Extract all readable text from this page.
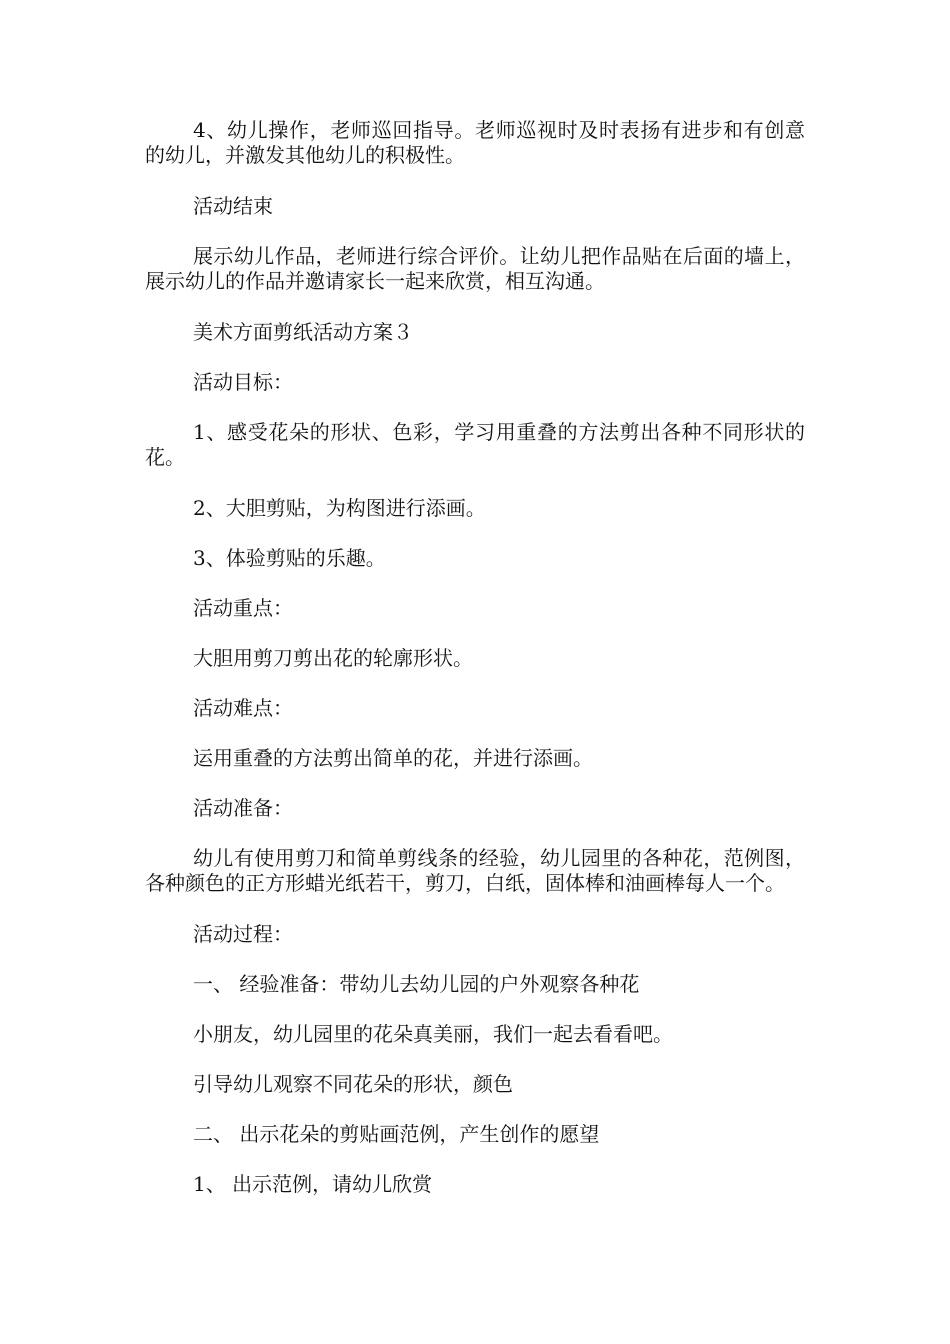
4、幼儿操作，老师巡回指导。老师巡视时及时表扬有进步和有创意的幼儿，并激发其他幼儿的积极性。

活动结束

展示幼儿作品，老师进行综合评价。让幼儿把作品贴在后面的墙上，展示幼儿的作品并邀请家长一起来欣赏，相互沟通。

美术方面剪纸活动方案３

活动目标：

1、感受花朵的形状、色彩，学习用重叠的方法剪出各种不同形状的花。

2、大胆剪贴，为构图进行添画。

3、体验剪贴的乐趣。

活动重点：

大胆用剪刀剪出花的轮廓形状。

活动难点：

运用重叠的方法剪出简单的花，并进行添画。

活动准备：

幼儿有使用剪刀和简单剪线条的经验，幼儿园里的各种花，范例图，各种颜色的正方形蜡光纸若干，剪刀，白纸，固体棒和油画棒每人一个。

活动过程：

一、 经验准备：带幼儿去幼儿园的户外观察各种花

小朋友，幼儿园里的花朵真美丽，我们一起去看看吧。

引导幼儿观察不同花朵的形状，颜色

二、 出示花朵的剪贴画范例，产生创作的愿望

1、 出示范例，请幼儿欣赏
